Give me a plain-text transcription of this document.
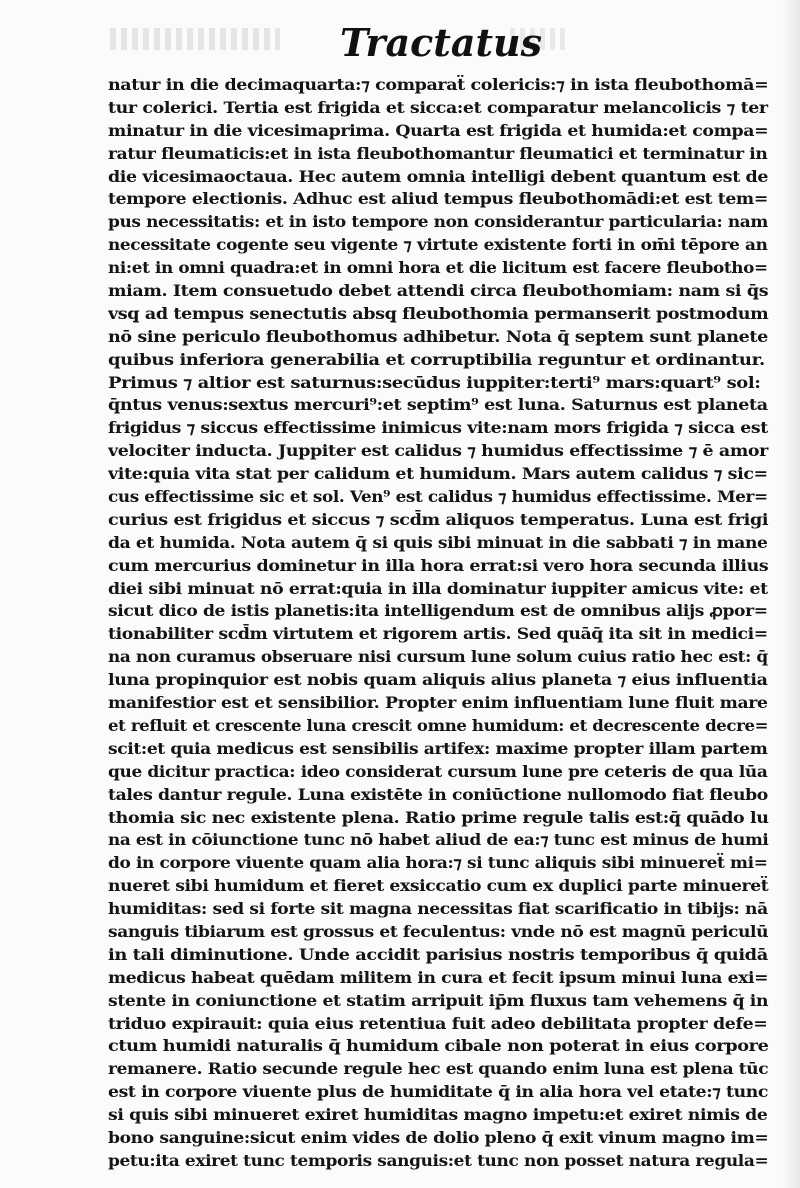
Tractatus
natur in die decimaquarta:⁊ comparaẗ colericis:⁊ in ista fleubothomā=
tur colerici. Tertia est frigida et sicca:et comparatur melancolicis ⁊ ter
minatur in die vicesimaprima. Quarta est frigida et humida:et compa=
ratur fleumaticis:et in ista fleubothomantur fleumatici et terminatur in
die vicesimaoctaua. Hec autem omnia intelligi debent quantum est de
tempore electionis. Adhuc est aliud tempus fleubothomādi:et est tem=
pus necessitatis: et in isto tempore non considerantur particularia: nam
necessitate cogente seu vigente ⁊ virtute existente forti in om̄i tēpore an
ni:et in omni quadra:et in omni hora et die licitum est facere fleubotho=
miam. Item consuetudo debet attendi circa fleubothomiam: nam si q̄s
vsq̧ ad tempus senectutis absq̧ fleubothomia permanserit postmodum
nō sine periculo fleubothomus adhibetur. Nota q̄ septem sunt planete
quibus inferiora generabilia et corruptibilia reguntur et ordinantur.
Primus ⁊ altior est saturnus:secūdus iuppiter:terti⁹ mars:quart⁹ sol:
q̄ntus venus:sextus mercuri⁹:et septim⁹ est luna. Saturnus est planeta
frigidus ⁊ siccus effectissime inimicus vite:nam mors frigida ⁊ sicca est
velociter inducta. Juppiter est calidus ⁊ humidus effectissime ⁊ ē amor
vite:quia vita stat per calidum et humidum. Mars autem calidus ⁊ sic=
cus effectissime sic et sol. Ven⁹ est calidus ⁊ humidus effectissime. Mer=
curius est frigidus et siccus ⁊ scd̄m aliquos temperatus. Luna est frigi
da et humida. Nota autem q̄ si quis sibi minuat in die sabbati ⁊ in mane
cum mercurius dominetur in illa hora errat:si vero hora secunda illius
diei sibi minuat nō errat:quia in illa dominatur iuppiter amicus vite: et
sicut dico de istis planetis:ita intelligendum est de omnibus alijs ꝓpor=
tionabiliter scd̄m virtutem et rigorem artis. Sed quāq̄ ita sit in medici=
na non curamus obseruare nisi cursum lune solum cuius ratio hec est: q̄
luna propinquior est nobis quam aliquis alius planeta ⁊ eius influentia
manifestior est et sensibilior. Propter enim influentiam lune fluit mare
et refluit et crescente luna crescit omne humidum: et decrescente decre=
scit:et quia medicus est sensibilis artifex: maxime propter illam partem
que dicitur practica: ideo considerat cursum lune pre ceteris de qua lūa
tales dantur regule. Luna existēte in coniūctione nullomodo fiat fleubo
thomia sic nec existente plena. Ratio prime regule talis est:q̄ quādo lu
na est in cōiunctione tunc nō habet aliud de ea:⁊ tunc est minus de humi
do in corpore viuente quam alia hora:⁊ si tunc aliquis sibi minuereẗ mi=
nueret sibi humidum et fieret exsiccatio cum ex duplici parte minuereẗ
humiditas: sed si forte sit magna necessitas fiat scarificatio in tibijs: nā
sanguis tibiarum est grossus et feculentus: vnde nō est magnū periculū
in tali diminutione. Unde accidit parisius nostris temporibus q̄ quidā
medicus habeat quēdam militem in cura et fecit ipsum minui luna exi=
stente in coniunctione et statim arripuit ip̄m fluxus tam vehemens q̄ in
triduo expirauit: quia eius retentiua fuit adeo debilitata propter defe=
ctum humidi naturalis q̄ humidum cibale non poterat in eius corpore
remanere. Ratio secunde regule hec est quando enim luna est plena tūc
est in corpore viuente plus de humiditate q̄ in alia hora vel etate:⁊ tunc
si quis sibi minueret exiret humiditas magno impetu:et exiret nimis de
bono sanguine:sicut enim vides de dolio pleno q̄ exit vinum magno im=
petu:ita exiret tunc temporis sanguis:et tunc non posset natura regula=
